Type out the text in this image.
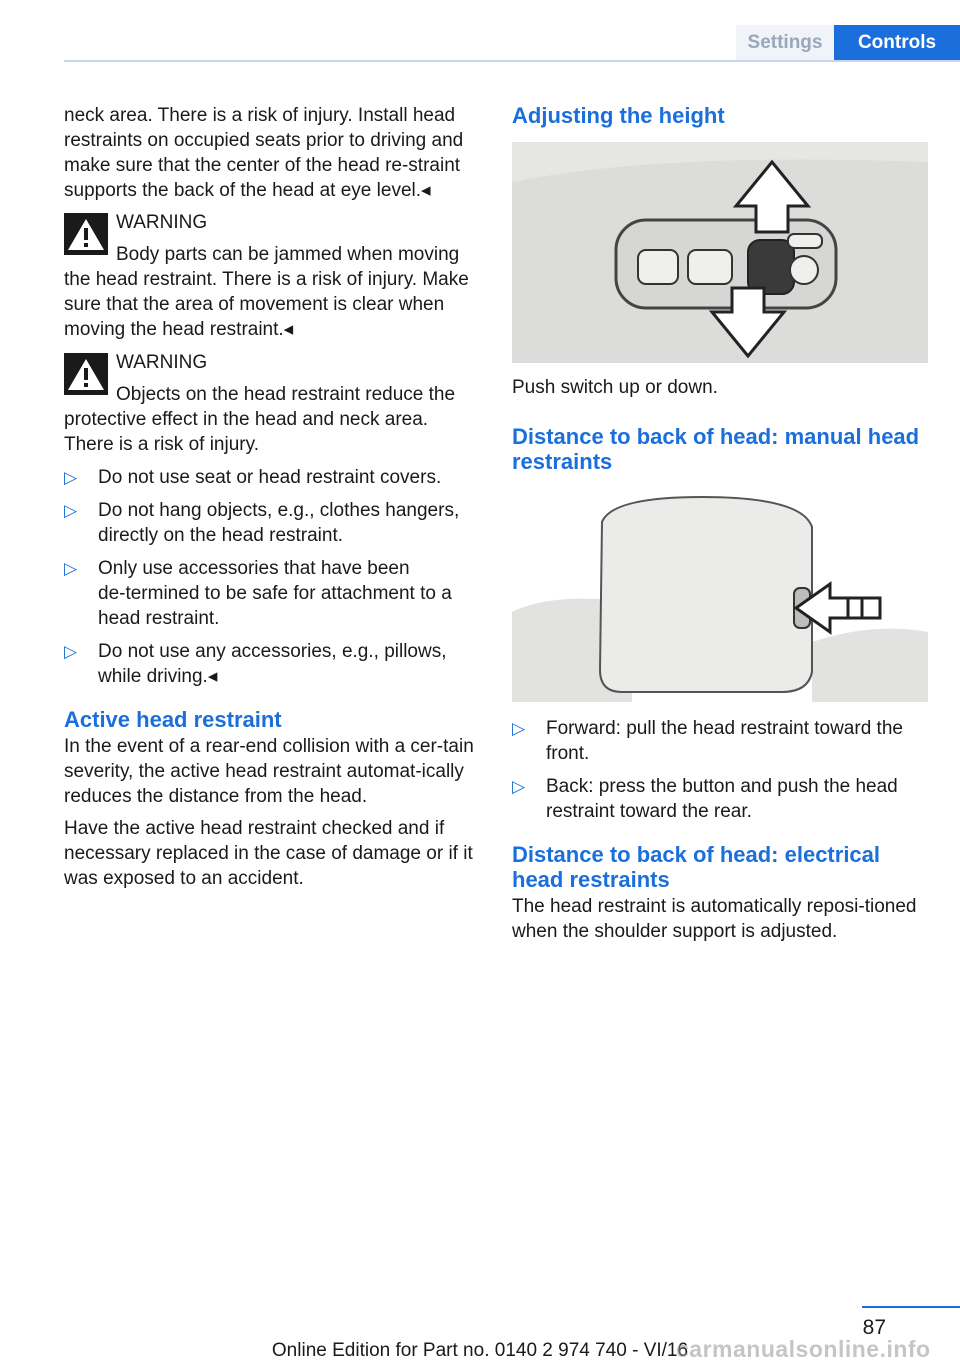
Settings	Controls

neck area. There is a risk of injury. Install head restraints on occupied seats prior to driving and make sure that the center of the head re‑straint supports the back of the head at eye level.◂

WARNING
Body parts can be jammed when moving the head restraint. There is a risk of injury. Make sure that the area of movement is clear when moving the head restraint.◂
WARNING
Objects on the head restraint reduce the protective effect in the head and neck area. There is a risk of injury.
▷ Do not use seat or head restraint covers.
▷ Do not hang objects, e.g., clothes hangers, directly on the head restraint.
▷ Only use accessories that have been de‑termined to be safe for attachment to a head restraint.
▷ Do not use any accessories, e.g., pillows, while driving.◂
Active head restraint

In the event of a rear-end collision with a cer‑tain severity, the active head restraint automat‑ically reduces the distance from the head.

Have the active head restraint checked and if necessary replaced in the case of damage or if it was exposed to an accident.

Adjusting the height

Push switch up or down.

Distance to back of head: manual head restraints
▷ Forward: pull the head restraint toward the front.
▷ Back: press the button and push the head restraint toward the rear.
Distance to back of head: electrical head restraints

The head restraint is automatically reposi‑tioned when the shoulder support is adjusted.

87
Online Edition for Part no. 0140 2 974 740 - VI/16
carmanualsonline.info
